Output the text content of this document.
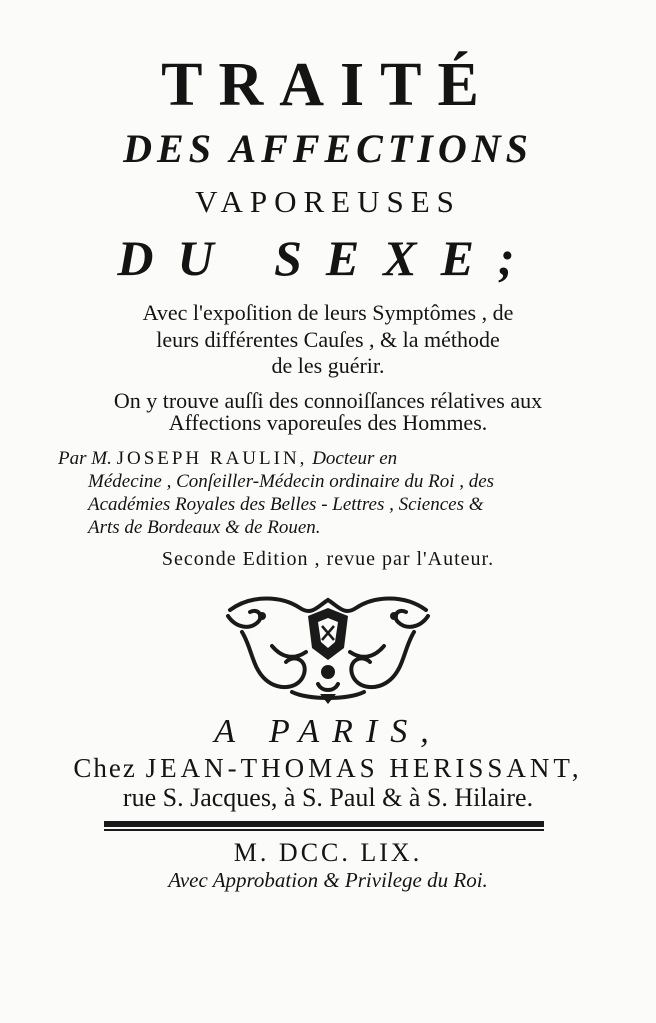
TRAITÉ
DES AFFECTIONS
VAPOREUSES
DU SEXE;
Avec l'expoſition de leurs Symptômes , de
leurs différentes Cauſes , & la méthode
de les guérir.
On y trouve auſſi des connoiſſances rélatives aux
Affections vaporeuſes des Hommes.
Par M. JOSEPH RAULIN, Docteur en
Médecine , Conſeiller-Médecin ordinaire du Roi , des
Académies Royales des Belles - Lettres , Sciences &
Arts de Bordeaux & de Rouen.
Seconde Edition , revue par l'Auteur.
A PARIS,
Chez JEAN-THOMAS HERISSANT,
rue S. Jacques, à S. Paul & à S. Hilaire.
M. DCC. LIX.
Avec Approbation & Privilege du Roi.
